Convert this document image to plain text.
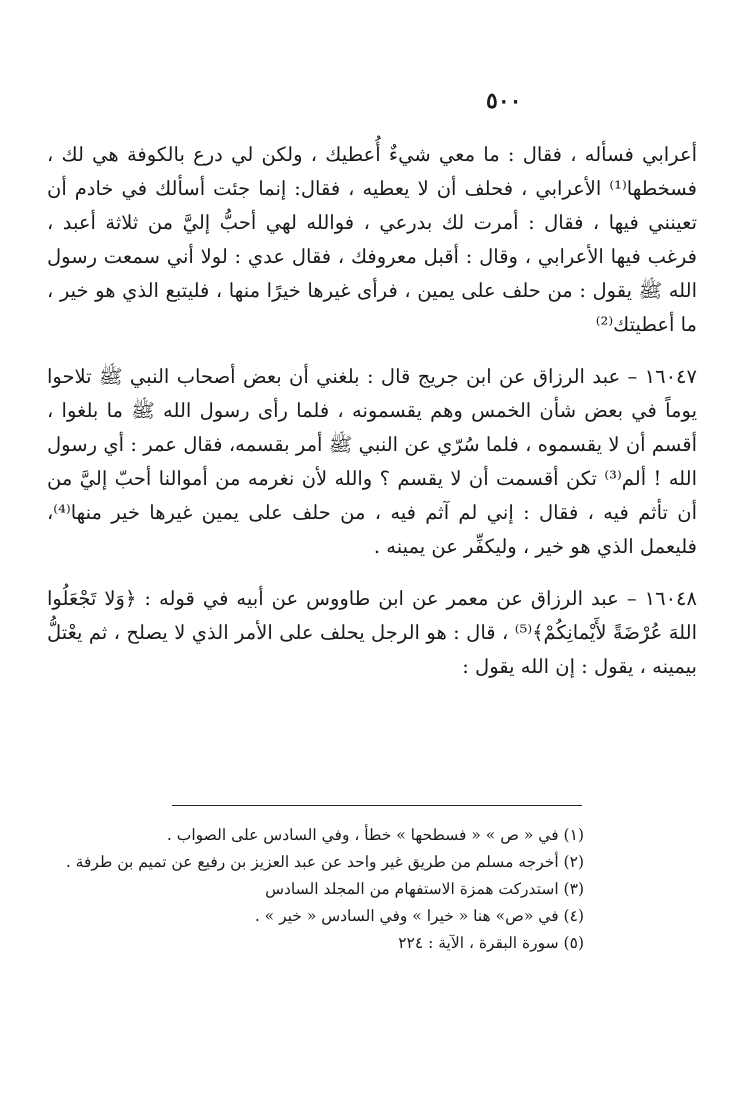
٥٠٠

أعرابي فسأله ، فقال : ما معي شيءٌ أُعطيك ، ولكن لي درع بالكوفة هي لك ، فسخطها⁽¹⁾ الأعرابي ، فحلف أن لا يعطيه ، فقال: إنما جئت أسألك في خادم أن تعينني فيها ، فقال : أمرت لك بدرعي ، فوالله لهي أحبُّ إليَّ من ثلاثة أعبد ، فرغب فيها الأعرابي ، وقال : أقبل معروفك ، فقال عدي : لولا أني سمعت رسول الله ﷺ يقول : من حلف على يمين ، فرأى غيرها خيرًا منها ، فليتبع الذي هو خير ، ما أعطيتك⁽²⁾

١٦٠٤٧ – عبد الرزاق عن ابن جريج قال : بلغني أن بعض أصحاب النبي ﷺ تلاحوا يوماً في بعض شأن الخمس وهم يقسمونه ، فلما رأى رسول الله ﷺ ما بلغوا ، أقسم أن لا يقسموه ، فلما سُرّي عن النبي ﷺ أمر بقسمه، فقال عمر : أي رسول الله ! ألم⁽³⁾ تكن أقسمت أن لا يقسم ؟ والله لأن نغرمه من أموالنا أحبّ إليَّ من أن تأثم فيه ، فقال : إني لم آثم فيه ، من حلف على يمين غيرها خير منها⁽⁴⁾، فليعمل الذي هو خير ، وليكفِّر عن يمينه .

١٦٠٤٨ – عبد الرزاق عن معمر عن ابن طاووس عن أبيه في قوله : ﴿وَلا تَجْعَلُوا اللهَ عُرْضَةً لأَيْمانِكُمْ﴾⁽⁵⁾ ، قال : هو الرجل يحلف على الأمر الذي لا يصلح ، ثم يعْتلُّ بيمينه ، يقول : إن الله يقول :

(١) في « ص » « فسطحها » خطأ ، وفي السادس على الصواب .
(٢) أخرجه مسلم من طريق غير واحد عن عبد العزيز بن رفيع عن تميم بن طرفة .
(٣) استدركت همزة الاستفهام من المجلد السادس
(٤) في «ص» هنا « خيرا » وفي السادس « خير » .
(٥) سورة البقرة ، الآية : ٢٢٤
